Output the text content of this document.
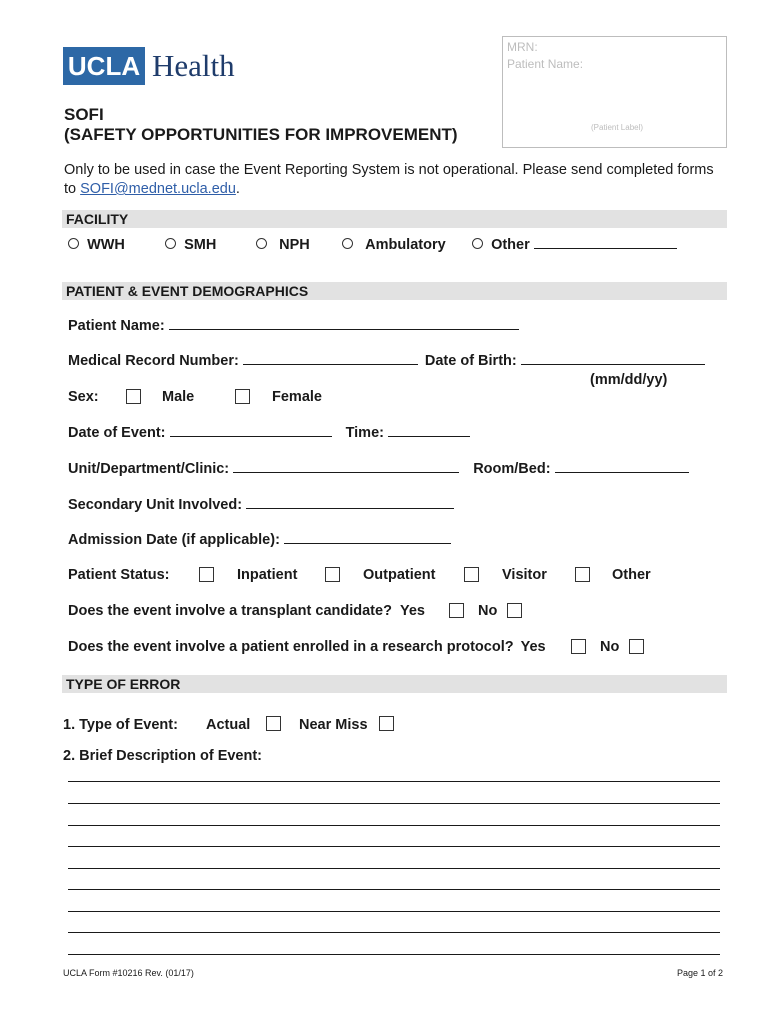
UCLA Health
MRN:
Patient Name:
(Patient Label)
SOFI
(SAFETY OPPORTUNITIES FOR IMPROVEMENT)
Only to be used in case the Event Reporting System is not operational. Please send completed forms to SOFI@mednet.ucla.edu.
FACILITY
WWH	SMH	NPH	Ambulatory	Other
PATIENT & EVENT DEMOGRAPHICS
Patient Name:
Medical Record Number:	Date of Birth:
(mm/dd/yy)
Sex:	Male	Female
Date of Event:	Time:
Unit/Department/Clinic:	Room/Bed:
Secondary Unit Involved:
Admission Date (if applicable):
Patient Status:	Inpatient	Outpatient	Visitor	Other
Does the event involve a transplant candidate? Yes	No
Does the event involve a patient enrolled in a research protocol? Yes	No
TYPE OF ERROR
1. Type of Event: Actual	Near Miss
2. Brief Description of Event:
UCLA Form #10216 Rev. (01/17)	Page 1 of 2
